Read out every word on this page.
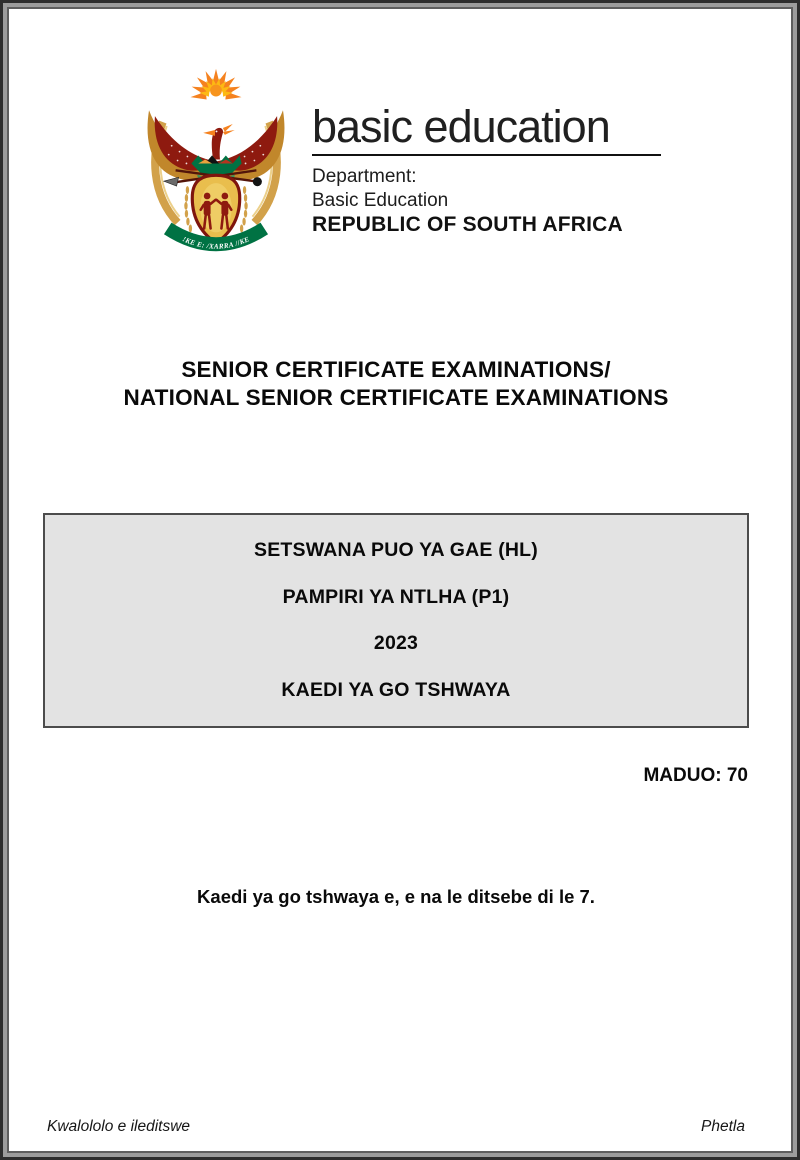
!KE E: /XARRA //KE
basic education
Department:
Basic Education
REPUBLIC OF SOUTH AFRICA
SENIOR CERTIFICATE EXAMINATIONS/
NATIONAL SENIOR CERTIFICATE EXAMINATIONS
SETSWANA PUO YA GAE (HL)
PAMPIRI YA NTLHA (P1)
2023
KAEDI YA GO TSHWAYA
MADUO: 70
Kaedi ya go tshwaya e, e na le ditsebe di le 7.
Kwalololo e ileditswe	Phetla
